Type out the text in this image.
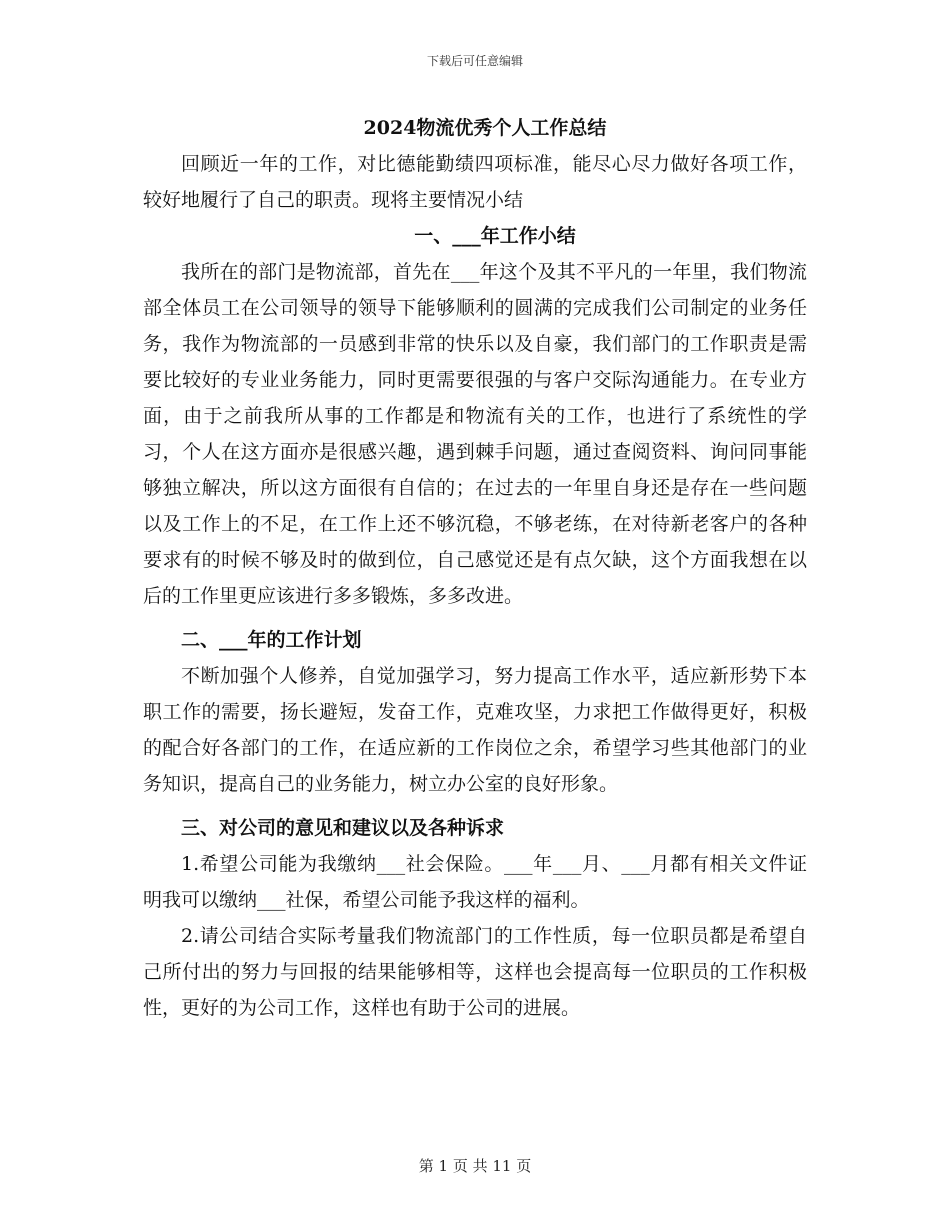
下载后可任意编辑
2024物流优秀个人工作总结

回顾近一年的工作，对比德能勤绩四项标准，能尽心尽力做好各项工作，较好地履行了自己的职责。现将主要情况小结

一、___年工作小结

我所在的部门是物流部，首先在___年这个及其不平凡的一年里，我们物流部全体员工在公司领导的领导下能够顺利的圆满的完成我们公司制定的业务任务，我作为物流部的一员感到非常的快乐以及自豪，我们部门的工作职责是需要比较好的专业业务能力，同时更需要很强的与客户交际沟通能力。在专业方面，由于之前我所从事的工作都是和物流有关的工作，也进行了系统性的学习，个人在这方面亦是很感兴趣，遇到棘手问题，通过查阅资料、询问同事能够独立解决，所以这方面很有自信的；在过去的一年里自身还是存在一些问题以及工作上的不足，在工作上还不够沉稳，不够老练，在对待新老客户的各种要求有的时候不够及时的做到位，自己感觉还是有点欠缺，这个方面我想在以后的工作里更应该进行多多锻炼，多多改进。

二、___年的工作计划

不断加强个人修养，自觉加强学习，努力提高工作水平，适应新形势下本职工作的需要，扬长避短，发奋工作，克难攻坚，力求把工作做得更好，积极的配合好各部门的工作，在适应新的工作岗位之余，希望学习些其他部门的业务知识，提高自己的业务能力，树立办公室的良好形象。

三、对公司的意见和建议以及各种诉求

1.希望公司能为我缴纳___社会保险。___年___月、___月都有相关文件证明我可以缴纳___社保，希望公司能予我这样的福利。

2.请公司结合实际考量我们物流部门的工作性质，每一位职员都是希望自己所付出的努力与回报的结果能够相等，这样也会提高每一位职员的工作积极性，更好的为公司工作，这样也有助于公司的进展。

第 1 页 共 11 页
